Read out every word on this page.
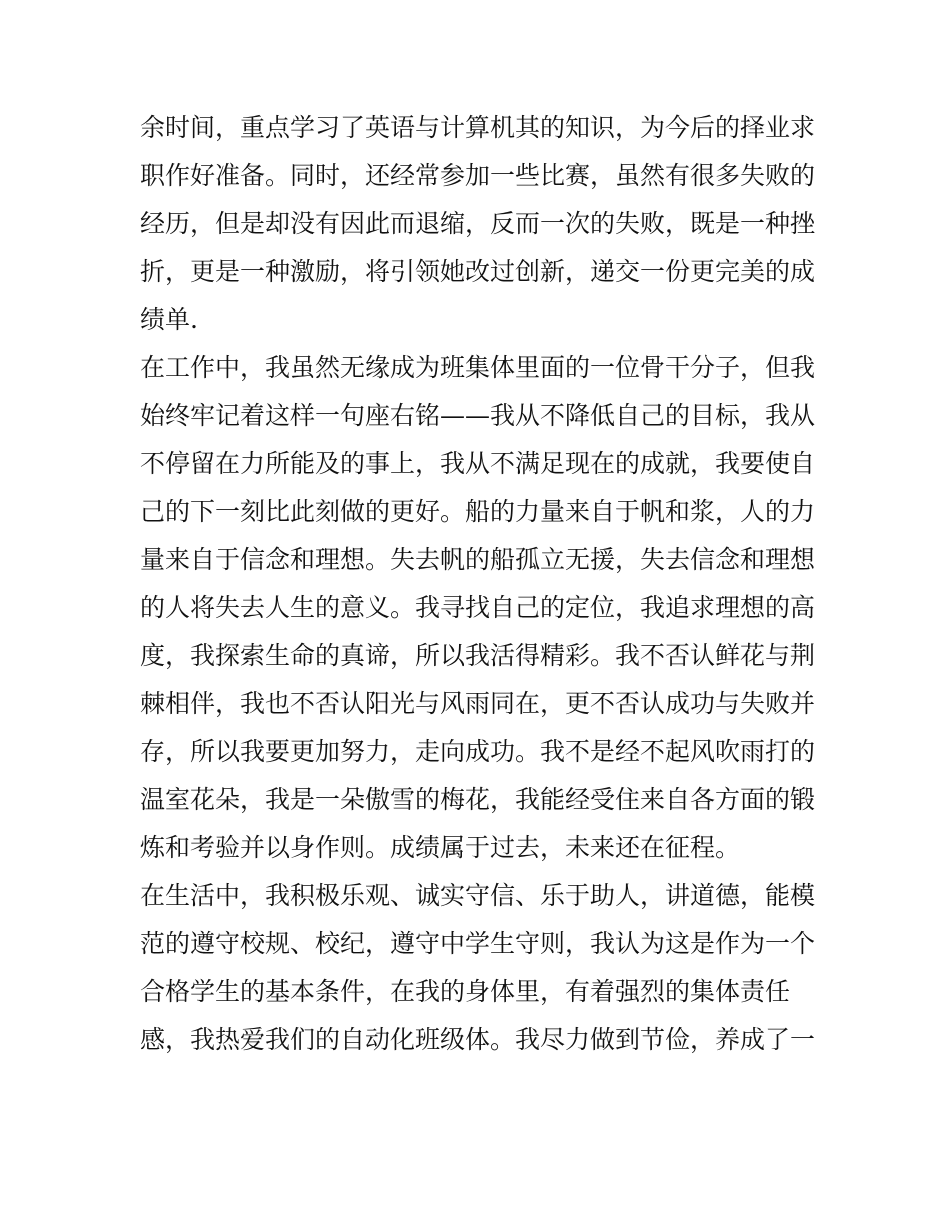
余时间，重点学习了英语与计算机其的知识，为今后的择业求
职作好准备。同时，还经常参加一些比赛，虽然有很多失败的
经历，但是却没有因此而退缩，反而一次的失败，既是一种挫
折，更是一种激励，将引领她改过创新，递交一份更完美的成
绩单.
在工作中，我虽然无缘成为班集体里面的一位骨干分子，但我
始终牢记着这样一句座右铭——我从不降低自己的目标，我从
不停留在力所能及的事上，我从不满足现在的成就，我要使自
己的下一刻比此刻做的更好。船的力量来自于帆和浆，人的力
量来自于信念和理想。失去帆的船孤立无援，失去信念和理想
的人将失去人生的意义。我寻找自己的定位，我追求理想的高
度，我探索生命的真谛，所以我活得精彩。我不否认鲜花与荆
棘相伴，我也不否认阳光与风雨同在，更不否认成功与失败并
存，所以我要更加努力，走向成功。我不是经不起风吹雨打的
温室花朵，我是一朵傲雪的梅花，我能经受住来自各方面的锻
炼和考验并以身作则。成绩属于过去，未来还在征程。
在生活中，我积极乐观、诚实守信、乐于助人，讲道德，能模
范的遵守校规、校纪，遵守中学生守则，我认为这是作为一个
合格学生的基本条件，在我的身体里，有着强烈的集体责任
感，我热爱我们的自动化班级体。我尽力做到节俭，养成了一
